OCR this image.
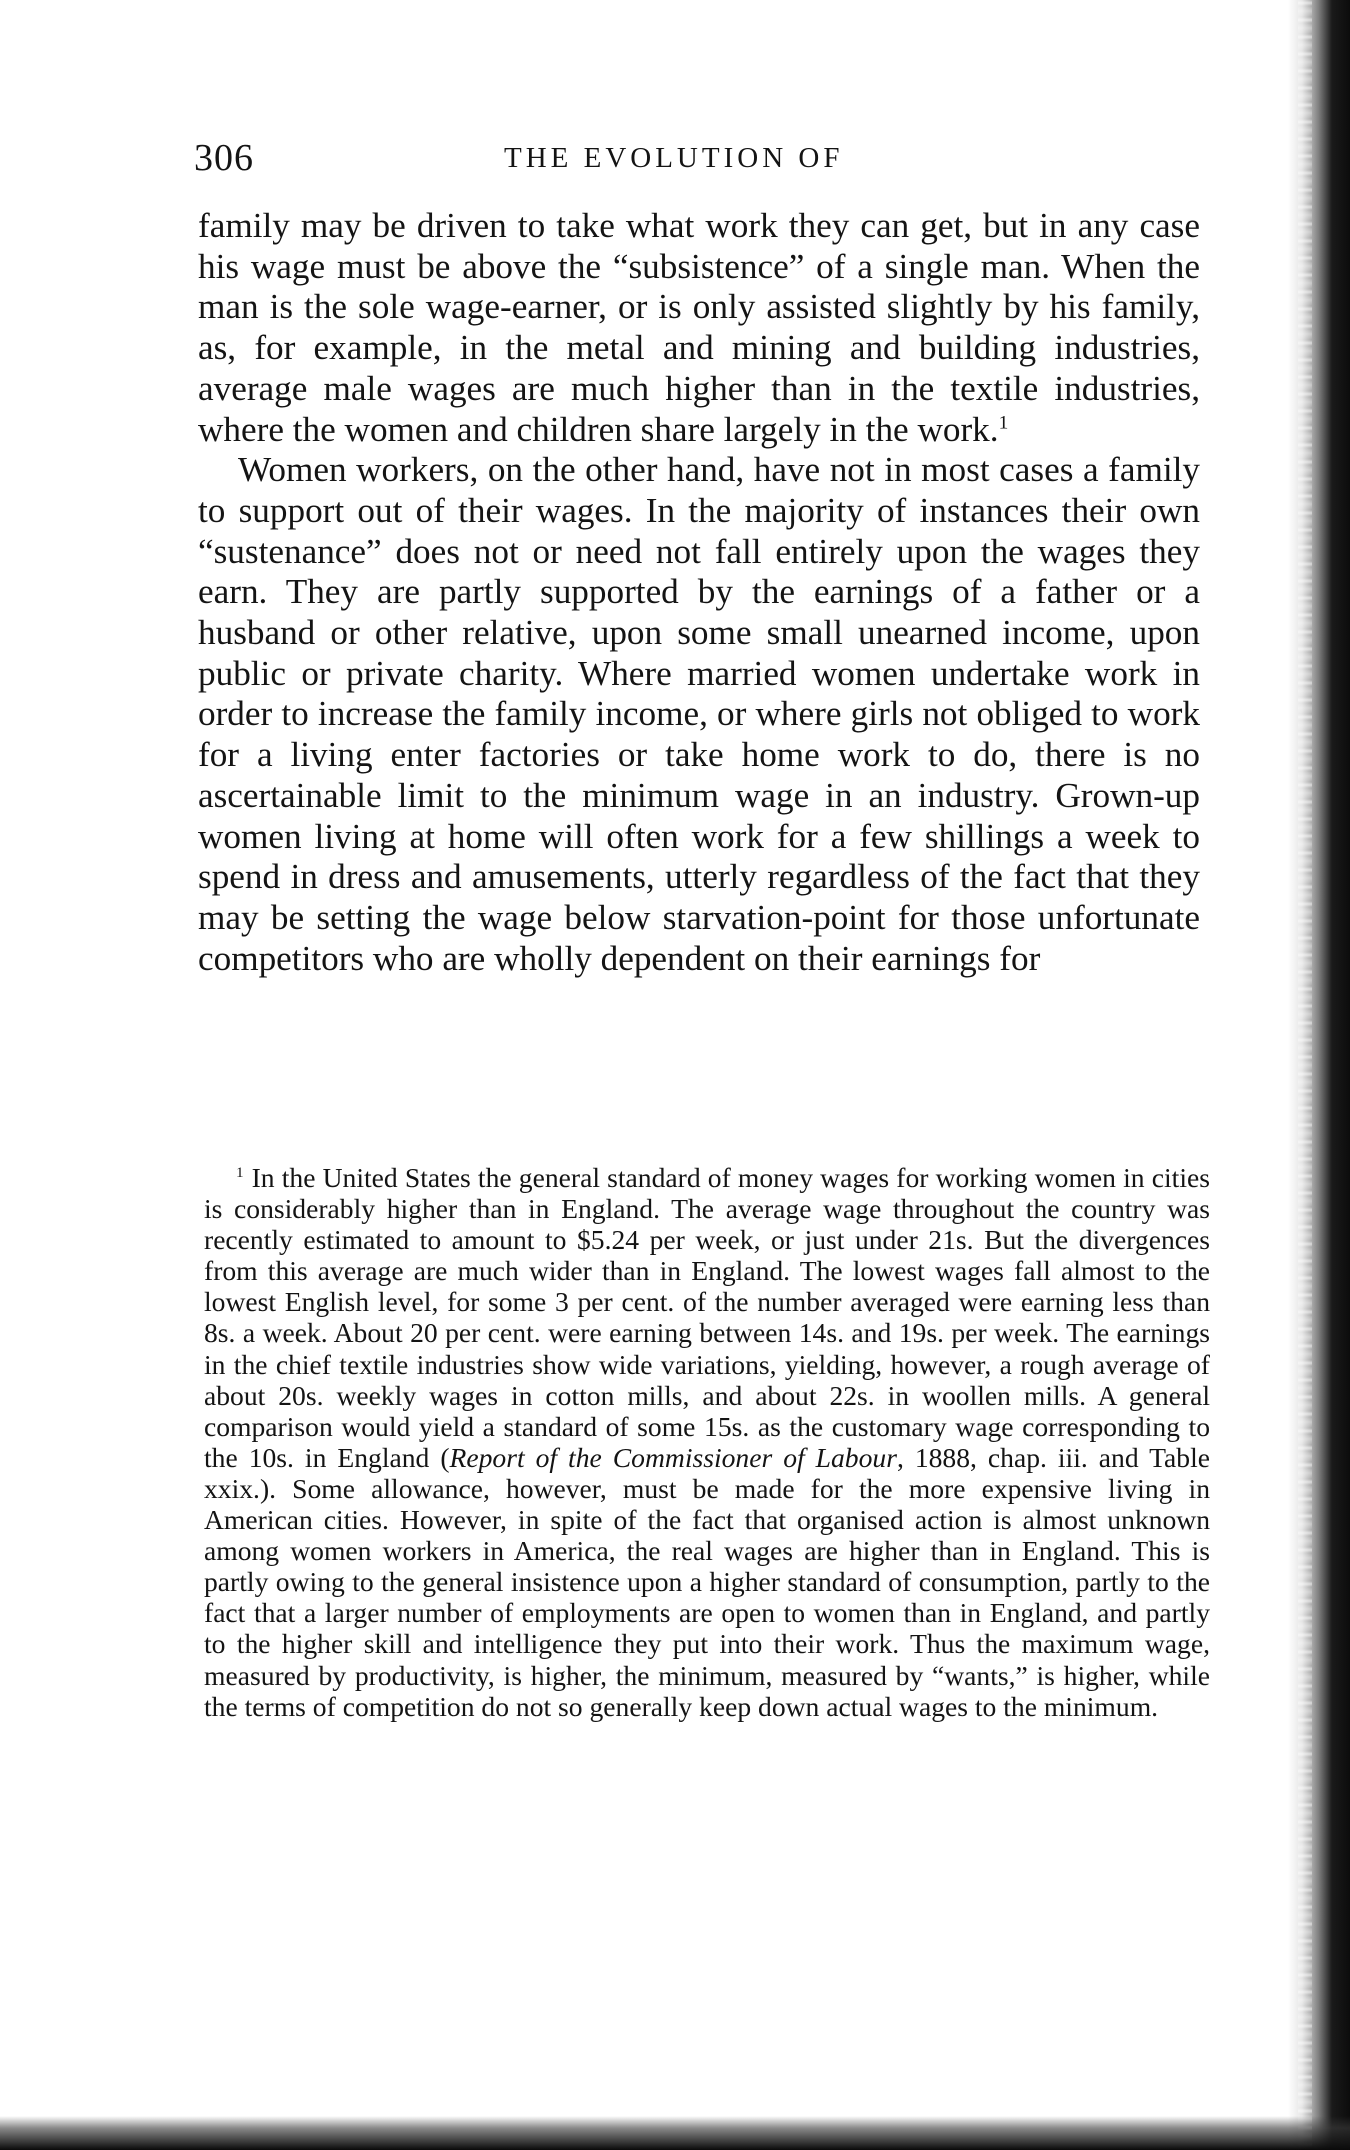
306	THE EVOLUTION OF

family may be driven to take what work they can get, but in any case his wage must be above the “subsistence” of a single man. When the man is the sole wage-earner, or is only assisted slightly by his family, as, for example, in the metal and mining and building industries, average male wages are much higher than in the textile industries, where the women and children share largely in the work.$^1$

Women workers, on the other hand, have not in most cases a family to support out of their wages. In the majority of instances their own “sustenance” does not or need not fall entirely upon the wages they earn. They are partly supported by the earnings of a father or a husband or other relative, upon some small unearned income, upon public or private charity. Where married women undertake work in order to increase the family income, or where girls not obliged to work for a living enter factories or take home work to do, there is no ascertainable limit to the minimum wage in an industry. Grown-up women living at home will often work for a few shillings a week to spend in dress and amusements, utterly regardless of the fact that they may be setting the wage below starvation-point for those unfortunate competitors who are wholly dependent on their earnings for

$^1$ In the United States the general standard of money wages for working women in cities is considerably higher than in England. The average wage throughout the country was recently estimated to amount to $5.24 per week, or just under 21s. But the divergences from this average are much wider than in England. The lowest wages fall almost to the lowest English level, for some 3 per cent. of the number averaged were earning less than 8s. a week. About 20 per cent. were earning between 14s. and 19s. per week. The earnings in the chief textile industries show wide variations, yielding, however, a rough average of about 20s. weekly wages in cotton mills, and about 22s. in woollen mills. A general comparison would yield a standard of some 15s. as the customary wage corresponding to the 10s. in England (Report of the Commissioner of Labour, 1888, chap. iii. and Table xxix.). Some allowance, however, must be made for the more expensive living in American cities. However, in spite of the fact that organised action is almost unknown among women workers in America, the real wages are higher than in England. This is partly owing to the general insistence upon a higher standard of consumption, partly to the fact that a larger number of employments are open to women than in England, and partly to the higher skill and intelligence they put into their work. Thus the maximum wage, measured by productivity, is higher, the minimum, measured by “wants,” is higher, while the terms of competition do not so generally keep down actual wages to the minimum.
